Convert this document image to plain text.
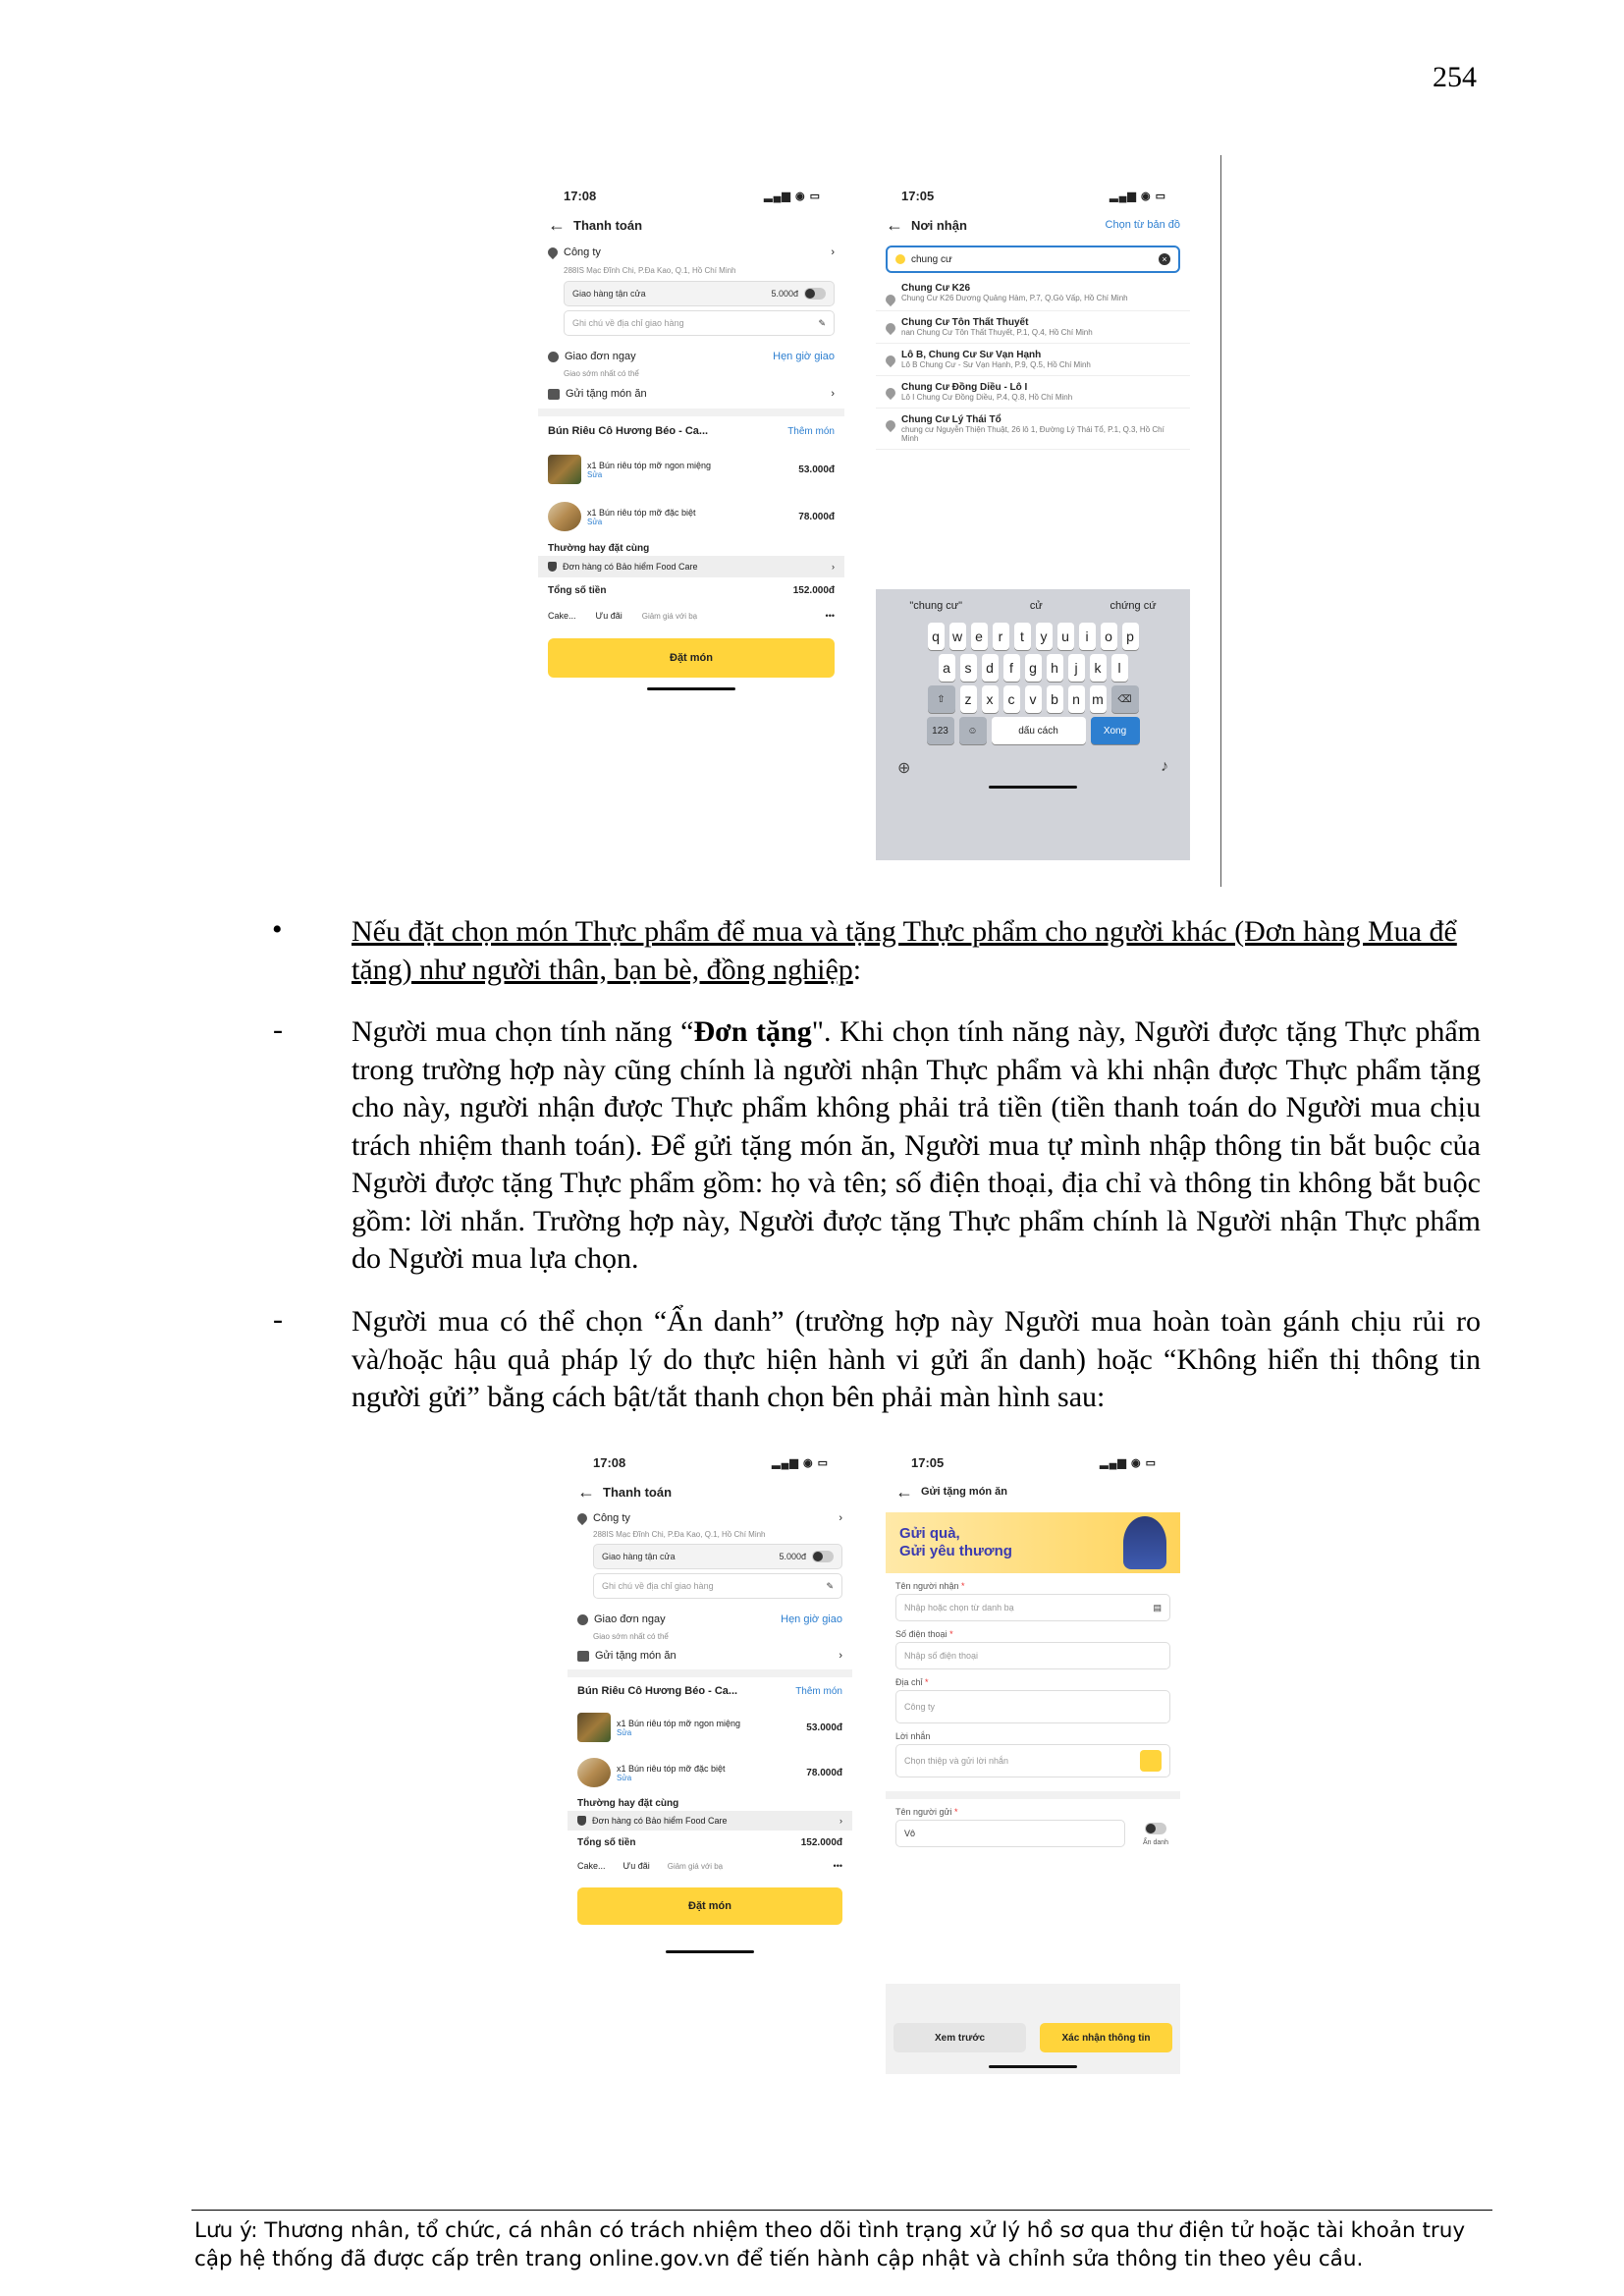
254
17:08	▂▄▆ ◉ ▭
← Thanh toán
Công ty	›
288IS Mạc Đĩnh Chi, P.Đa Kao, Q.1, Hồ Chí Minh
Giao hàng tận cửa	5.000đ
Ghi chú về địa chỉ giao hàng	✎
Giao đơn ngay	Hẹn giờ giao
Giao sớm nhất có thể
Gửi tặng món ăn	›
Bún Riêu Cô Hương Béo - Ca...	Thêm món
x1 Bún riêu tóp mỡ ngon miệng
Sửa	53.000đ
x1 Bún riêu tóp mỡ đặc biệt
Sửa	78.000đ
Thường hay đặt cùng
Đơn hàng có Bảo hiểm Food Care	›
Tổng số tiền	152.000đ
Cake... Ưu đãi	Giảm giá với bạ	•••
Đặt món
17:05	▂▄▆ ◉ ▭
← Nơi nhận	Chọn từ bản đồ
chung cư	×
Chung Cư K26
Chung Cư K26 Dương Quảng Hàm, P.7, Q.Gò Vấp, Hồ Chí Minh
Chung Cư Tôn Thất Thuyết
nan Chung Cư Tôn Thất Thuyết, P.1, Q.4, Hồ Chí Minh
Lô B, Chung Cư Sư Vạn Hạnh
Lô B Chung Cư - Sư Vạn Hạnh, P.9, Q.5, Hồ Chí Minh
Chung Cư Đồng Diều - Lô I
Lô I Chung Cư Đồng Diều, P.4, Q.8, Hồ Chí Minh
Chung Cư Lý Thái Tổ
chung cư Nguyễn Thiện Thuật, 26 lô 1, Đường Lý Thái Tổ, P.1, Q.3, Hồ Chí Minh
"chung cư"	cử	chứng cứ
q w e	r	t	y	u	i	o	p
a	s	d	f	g	h	j	k	l
⇧	z	x	c	v	b	n m	⌫
123	☺	dấu cách	Xong
⊕	♪
• Nếu đặt chọn món Thực phẩm để mua và tặng Thực phẩm cho người khác (Đơn hàng Mua để tặng) như người thân, bạn bè, đồng nghiệp:
- Người mua chọn tính năng “Đơn tặng". Khi chọn tính năng này, Người được tặng Thực phẩm trong trường hợp này cũng chính là người nhận Thực phẩm và khi nhận được Thực phẩm tặng cho này, người nhận được Thực phẩm không phải trả tiền (tiền thanh toán do Người mua chịu trách nhiệm thanh toán). Để gửi tặng món ăn, Người mua tự mình nhập thông tin bắt buộc của Người được tặng Thực phẩm gồm: họ và tên; số điện thoại, địa chỉ và thông tin không bắt buộc gồm: lời nhắn. Trường hợp này, Người được tặng Thực phẩm chính là Người nhận Thực phẩm do Người mua lựa chọn.
- Người mua có thể chọn “Ẩn danh” (trường hợp này Người mua hoàn toàn gánh chịu rủi ro và/hoặc hậu quả pháp lý do thực hiện hành vi gửi ẩn danh) hoặc “Không hiển thị thông tin người gửi” bằng cách bật/tắt thanh chọn bên phải màn hình sau:
17:08	▂▄▆ ◉ ▭
← Thanh toán
Công ty	›
288IS Mạc Đĩnh Chi, P.Đa Kao, Q.1, Hồ Chí Minh
Giao hàng tận cửa	5.000đ
Ghi chú về địa chỉ giao hàng	✎
Giao đơn ngay	Hẹn giờ giao
Giao sớm nhất có thể
Gửi tặng món ăn	›
Bún Riêu Cô Hương Béo - Ca...	Thêm món
x1 Bún riêu tóp mỡ ngon miệng
Sửa	53.000đ
x1 Bún riêu tóp mỡ đặc biệt
Sửa	78.000đ
Thường hay đặt cùng
Đơn hàng có Bảo hiểm Food Care	›
Tổng số tiền	152.000đ
Cake... Ưu đãi Giảm giá với bạ	•••
Đặt món
17:05	▂▄▆ ◉ ▭
← Gửi tặng món ăn
Gửi quà,
Gửi yêu thương
Tên người nhận *
Nhập hoặc chọn từ danh bạ	▤
Số điện thoại *
Nhập số điện thoại
Địa chỉ *
Công ty
Lời nhắn
Chọn thiệp và gửi lời nhắn
Tên người gửi *
Vô
Ẩn danh
Xem trước	Xác nhận thông tin
Lưu ý: Thương nhân, tổ chức, cá nhân có trách nhiệm theo dõi tình trạng xử lý hồ sơ qua thư điện tử hoặc tài khoản truy cập hệ thống đã được cấp trên trang online.gov.vn để tiến hành cập nhật và chỉnh sửa thông tin theo yêu cầu.
